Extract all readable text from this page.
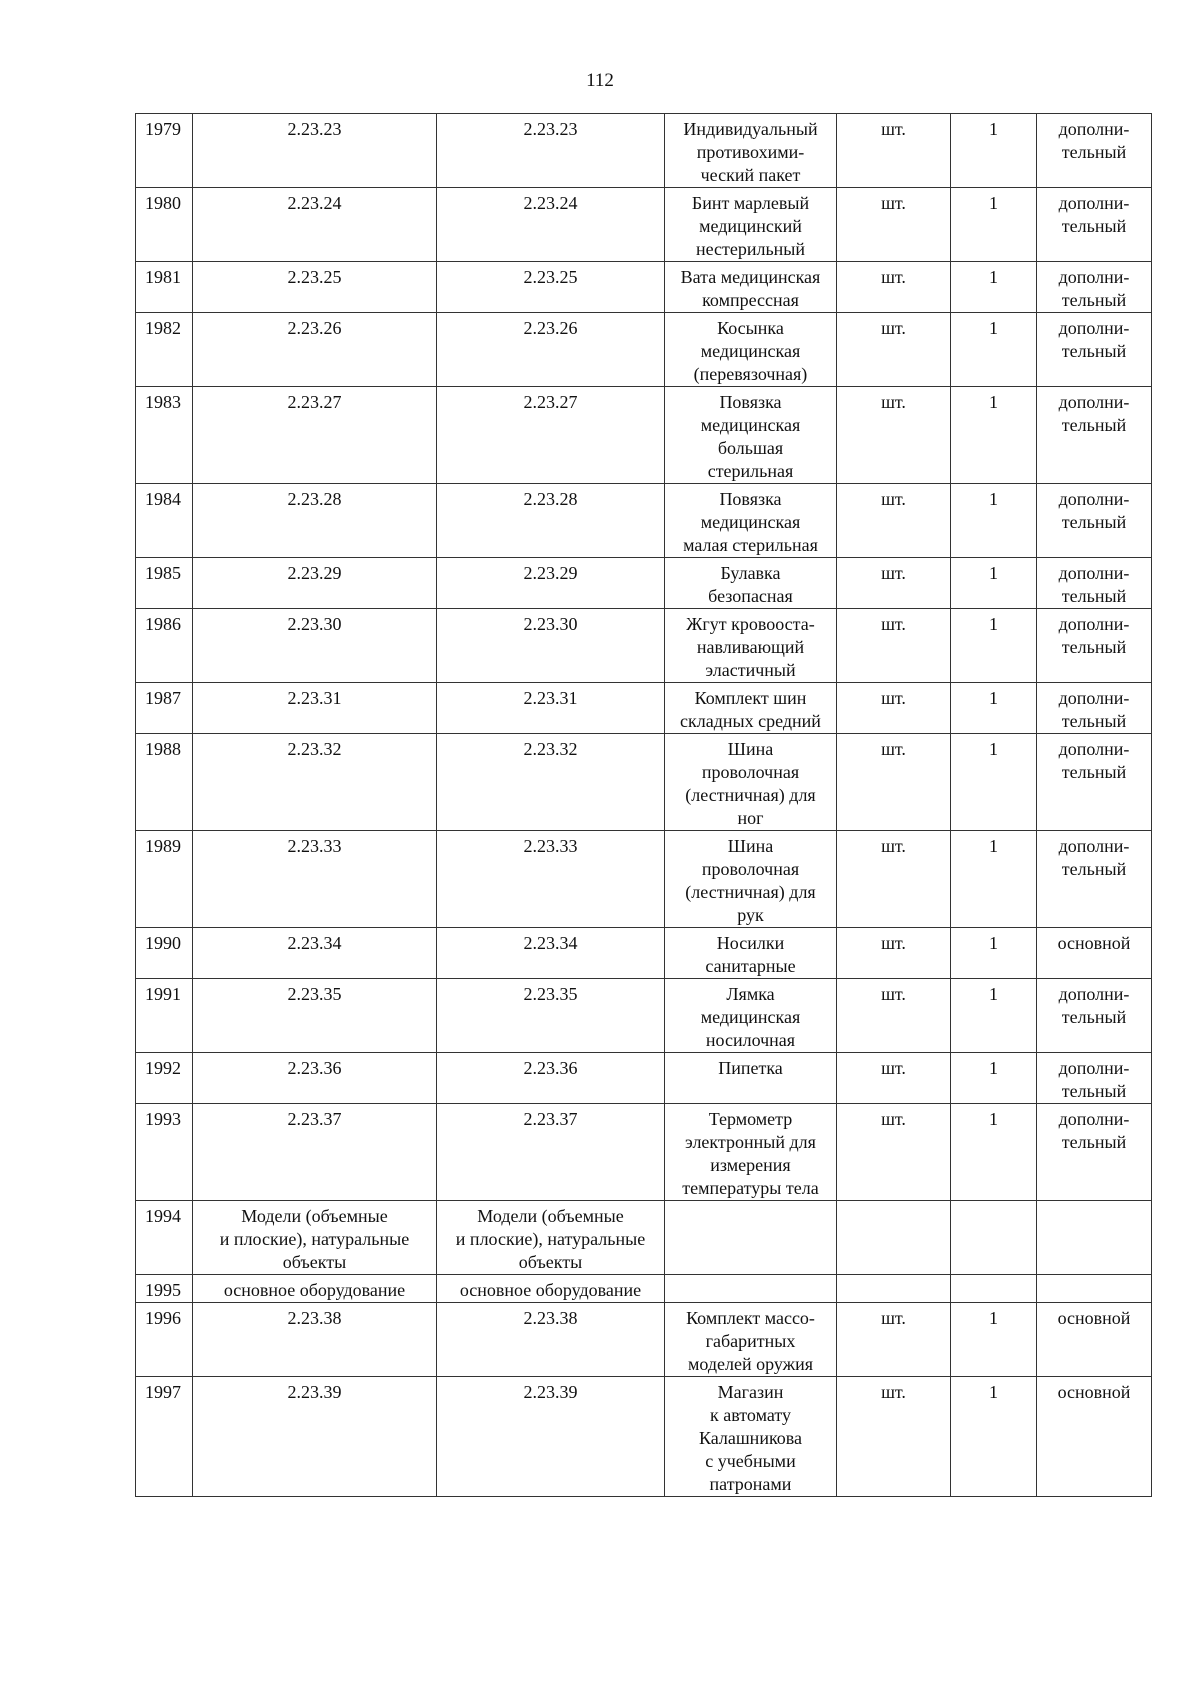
112
1979	2.23.23	2.23.23	Индивидуальный
противохими-
ческий пакет	шт.	1	дополни-
тельный
1980	2.23.24	2.23.24	Бинт марлевый
медицинский
нестерильный	шт.	1	дополни-
тельный
1981	2.23.25	2.23.25	Вата медицинская
компрессная	шт.	1	дополни-
тельный
1982	2.23.26	2.23.26	Косынка
медицинская
(перевязочная)	шт.	1	дополни-
тельный
1983	2.23.27	2.23.27	Повязка
медицинская
большая
стерильная	шт.	1	дополни-
тельный
1984	2.23.28	2.23.28	Повязка
медицинская
малая стерильная	шт.	1	дополни-
тельный
1985	2.23.29	2.23.29	Булавка
безопасная	шт.	1	дополни-
тельный
1986	2.23.30	2.23.30	Жгут кровооста-
навливающий
эластичный	шт.	1	дополни-
тельный
1987	2.23.31	2.23.31	Комплект шин
складных средний	шт.	1	дополни-
тельный
1988	2.23.32	2.23.32	Шина
проволочная
(лестничная) для
ног	шт.	1	дополни-
тельный
1989	2.23.33	2.23.33	Шина
проволочная
(лестничная) для
рук	шт.	1	дополни-
тельный
1990	2.23.34	2.23.34	Носилки
санитарные	шт.	1	основной
1991	2.23.35	2.23.35	Лямка
медицинская
носилочная	шт.	1	дополни-
тельный
1992	2.23.36	2.23.36	Пипетка	шт.	1	дополни-
тельный
1993	2.23.37	2.23.37	Термометр
электронный для
измерения
температуры тела	шт.	1	дополни-
тельный
1994	Модели (объемные
и плоские), натуральные
объекты	Модели (объемные
и плоские), натуральные
объекты				
1995	основное оборудование	основное оборудование				
1996	2.23.38	2.23.38	Комплект массо-
габаритных
моделей оружия	шт.	1	основной
1997	2.23.39	2.23.39	Магазин
к автомату
Калашникова
с учебными
патронами	шт.	1	основной
